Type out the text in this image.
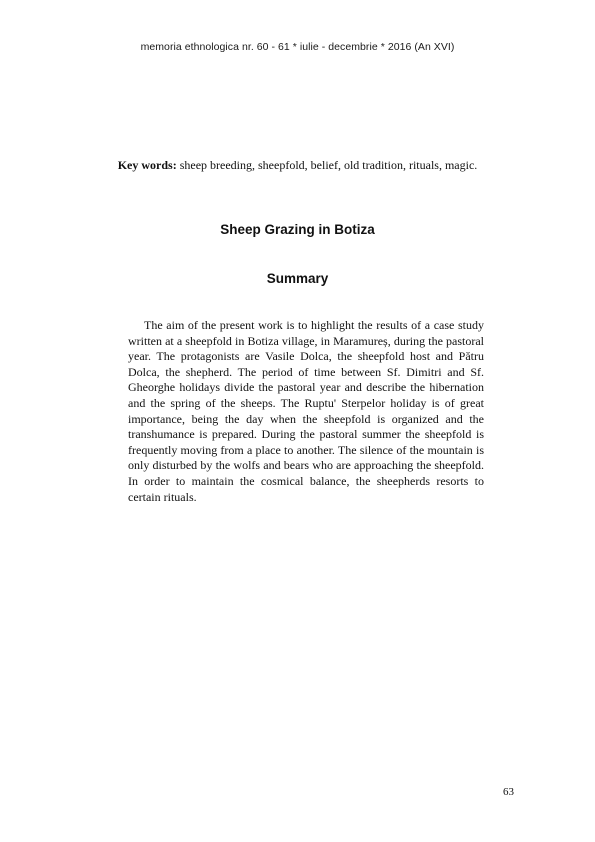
memoria ethnologica nr. 60 - 61 * iulie - decembrie * 2016 (An XVI)
Key words: sheep breeding, sheepfold, belief, old tradition, rituals, magic.
Sheep Grazing in Botiza
Summary

The aim of the present work is to highlight the results of a case study written at a sheepfold in Botiza village, in Maramureș, during the pastoral year. The protagonists are Vasile Dolca, the sheepfold host and Pătru Dolca, the shepherd. The period of time between Sf. Dimitri and Sf. Gheorghe holidays divide the pastoral year and describe the hibernation and the spring of the sheeps. The Ruptu' Sterpelor holiday is of great importance, being the day when the sheepfold is organized and the transhumance is prepared. During the pastoral summer the sheepfold is frequently moving from a place to another. The silence of the mountain is only disturbed by the wolfs and bears who are approaching the sheepfold. In order to maintain the cosmical balance, the sheepherds resorts to certain rituals.

63
